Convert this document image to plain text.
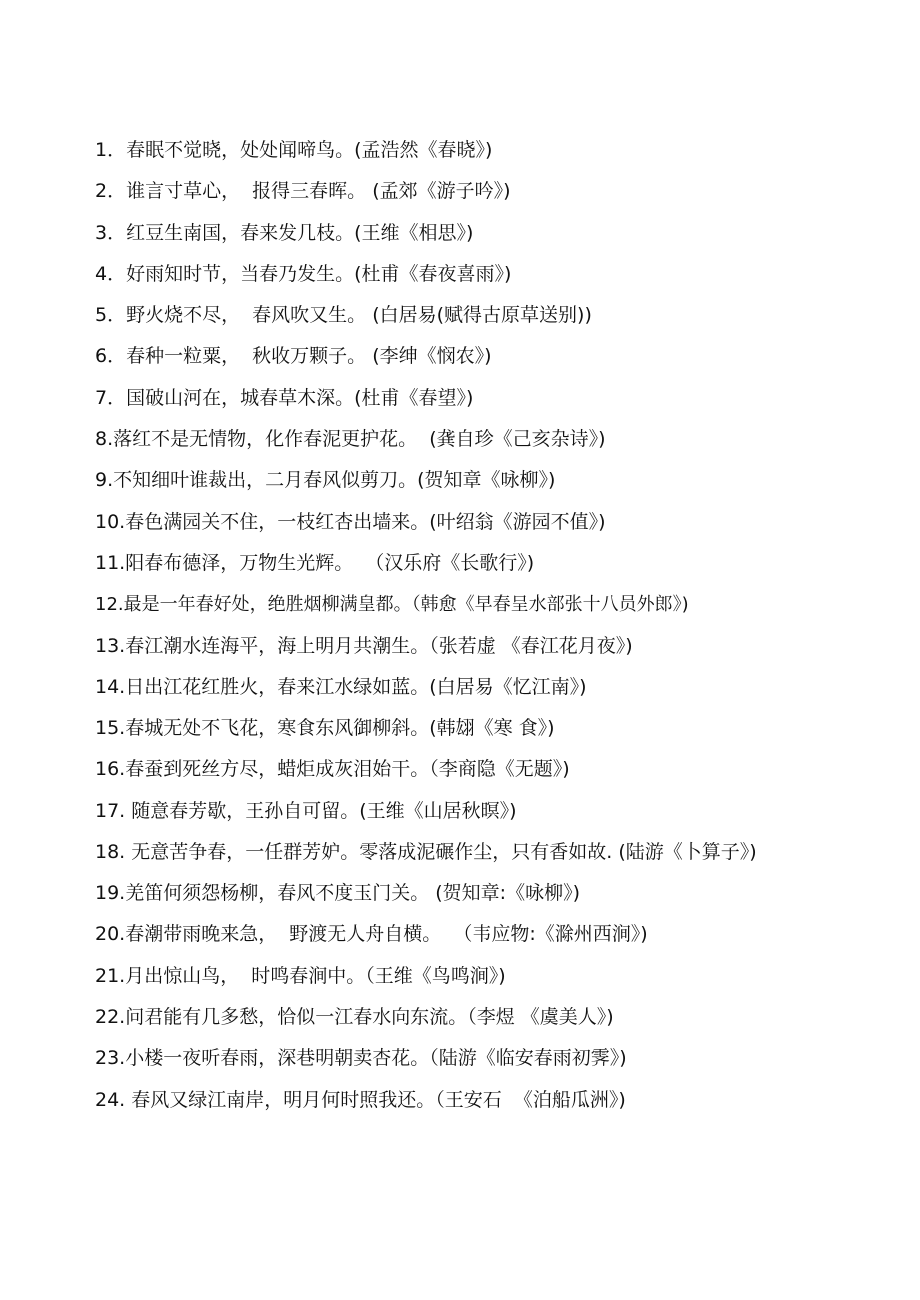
1．春眠不觉晓，处处闻啼鸟。(孟浩然《春晓》)
2．谁言寸草心，  报得三春晖。 (孟郊《游子吟》)
3．红豆生南国，春来发几枝。(王维《相思》)
4．好雨知时节，当春乃发生。(杜甫《春夜喜雨》)
5．野火烧不尽，  春风吹又生。 (白居易(赋得古原草送别))
6．春种一粒粟，  秋收万颗子。 (李绅《悯农》)
7．国破山河在，城春草木深。(杜甫《春望》)
8.落红不是无情物，化作春泥更护花。  (龚自珍《己亥杂诗》)
9.不知细叶谁裁出，二月春风似剪刀。(贺知章《咏柳》)
10.春色满园关不住，一枝红杏出墙来。(叶绍翁《游园不值》)
11.阳春布德泽，万物生光辉。  （汉乐府《长歌行》)
12.最是一年春好处，绝胜烟柳满皇都。（韩愈《早春呈水部张十八员外郎》)
13.春江潮水连海平，海上明月共潮生。（张若虚 《春江花月夜》)
14.日出江花红胜火，春来江水绿如蓝。(白居易《忆江南》)
15.春城无处不飞花，寒食东风御柳斜。(韩翃《寒 食》)
16.春蚕到死丝方尽，蜡炬成灰泪始干。（李商隐《无题》)
17. 随意春芳歇，王孙自可留。(王维《山居秋暝》)
18. 无意苦争春，一任群芳妒。零落成泥碾作尘，只有香如故. (陆游《卜算子》)
19.羌笛何须怨杨柳，春风不度玉门关。 (贺知章:《咏柳》)
20.春潮带雨晚来急，  野渡无人舟自横。  （韦应物:《滁州西涧》)
21.月出惊山鸟，  时鸣春涧中。（王维《鸟鸣涧》)
22.问君能有几多愁，恰似一江春水向东流。（李煜 《虞美人》)
23.小楼一夜听春雨，深巷明朝卖杏花。（陆游《临安春雨初霁》)
24. 春风又绿江南岸，明月何时照我还。（王安石  《泊船瓜洲》)
